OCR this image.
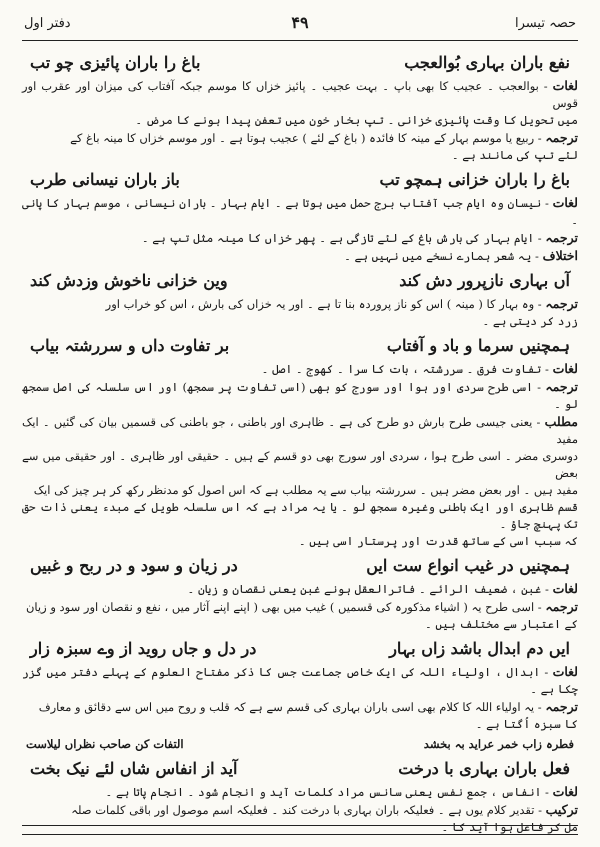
دفتر اول	۴۹	حصہ تیسرا
نفع باران بہاری بُوالعجب
باغ را باران پائیزی چو تب

لغات - بوالعجب ۔ عجیب کا بھی باپ ۔ بہت عجیب ۔ پائیز خزاں کا موسم جبکہ آفتاب کی میزان اور عقرب اور قوس

میں تحویل کا وقت پائیزی خزانی ۔ تپ بخار خون میں تعفن پیدا ہونے کا مرض ۔

ترجمہ - ربیع یا موسم بہار کے مینہ کا فائدہ ( باغ کے لئے ) عجیب ہوتا ہے ۔ اور موسم خزاں کا مینہ باغ کے

لئے تپ کی مانند ہے ۔

باغ را باران خزانی ہمچو تب
باز باران نیسانی طرب

لغات - نیسان وہ ایام جب آفتاب برج حمل میں ہوتا ہے ۔ ایام بہار ۔ باران نیسانی ، موسم بہار کا پانی ۔

ترجمہ - ایام بہار کی بارش باغ کے لئے تازگی ہے ۔ پھر خزاں کا مینہ مثل تپ ہے ۔

اختلاف - یہ شعر ہمارے نسخے میں نہیں ہے ۔

آں بہاری نازپرور دش کند
وین خزانی ناخوش وزدش کند

ترجمہ - وہ بہار کا ( مینہ ) اس کو ناز پروردہ بنا تا ہے ۔ اور یہ خزاں کی بارش ، اس کو خراب اور

زرد کر دیتی ہے ۔

ہمچنیں سرما و باد و آفتاب
بر تفاوت داں و سررشتہ بیاب

لغات - تفاوت فرق ۔ سررشتہ ، بات کا سرا ۔ کھوج ۔ اصل ۔

ترجمہ - اسی طرح سردی اور ہوا اور سورج کو بھی (اسی تفاوت پر سمجھ) اور اس سلسلہ کی اصل سمجھ لو ۔

مطلب - یعنی جیسی طرح بارش دو طرح کی ہے ۔ ظاہری اور باطنی ، جو باطنی کی قسمیں بیان کی گئیں ۔ ایک مفید

دوسری مضر ۔ اسی طرح ہوا ، سردی اور سورج بھی دو قسم کے ہیں ۔ حقیقی اور ظاہری ۔ اور حقیقی میں سے بعض

مفید ہیں ۔ اور بعض مضر ہیں ۔ سررشتہ بیاب سے یہ مطلب ہے کہ اس اصول کو مدنظر رکھ کر ہر چیز کی ایک

قسم ظاہری اور ایک باطنی وغیرہ سمجھ لو ۔ یا یہ مراد ہے کہ اس سلسلہ طویل کے مبدء یعنی ذات حق تک پہنچ جاؤ ۔

کہ سبب اسی کے ساتھ قدرت اور پرستار اسی ہیں ۔

ہمچنیں در غیب انواع ست ایں
در زیان و سود و در ربح و غبیں

لغات - غبن ، ضعیف الرائے ۔ فاترالعقل ہونے غبن یعنی نقصان و زیان ۔

ترجمہ - اسی طرح یہ ( اشیاء مذکورہ کی قسمیں ) غیب میں بھی ( اپنے اپنے آثار میں ، نفع و نقصان اور سود و زیان

کے اعتبار سے مختلف ہیں ۔

ایں دم ابدال باشد زاں بہار
در دل و جاں روید از وے سبزہ زار

لغات - ابدال ، اولیاء اللہ کی ایک خاص جماعت جس کا ذکر مفتاح العلوم کے پہلے دفتر میں گزر چکا ہے ۔

ترجمہ - یہ اولیاء اللہ کا کلام بھی اسی باران بہاری کی قسم سے ہے کہ قلب و روح میں اس سے دقائق و معارف

کا سبزہ اُگتا ہے ۔

فطرہ زاب خمر عراید بہ بخشد
التفات کن صاحب نظراں لیلاست
فعل باران بہاری با درخت
آید از انفاس شاں لئے نیک بخت

لغات - انفاس ، جمع نفس یعنی سانس مراد کلمات آید و انجام شود ۔ انجام پاتا ہے ۔

ترکیب - تقدیر کلام یوں ہے ۔ فعلیکہ باران بہاری با درخت کند ۔ فعلیکہ اسم موصول اور باقی کلمات صلہ

مل کر فاعل ہوا آید کا ۔
